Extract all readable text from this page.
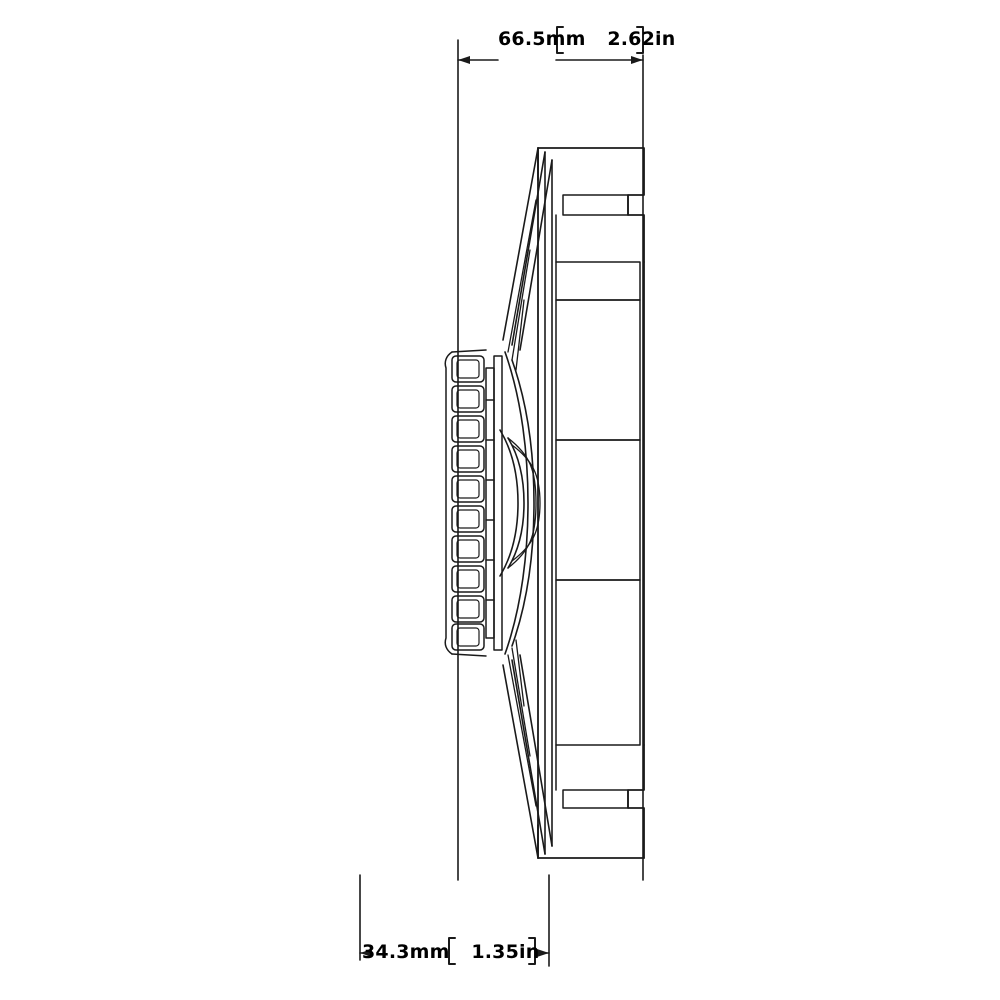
66.5mm 2.62in
34.3mm 1.35in
